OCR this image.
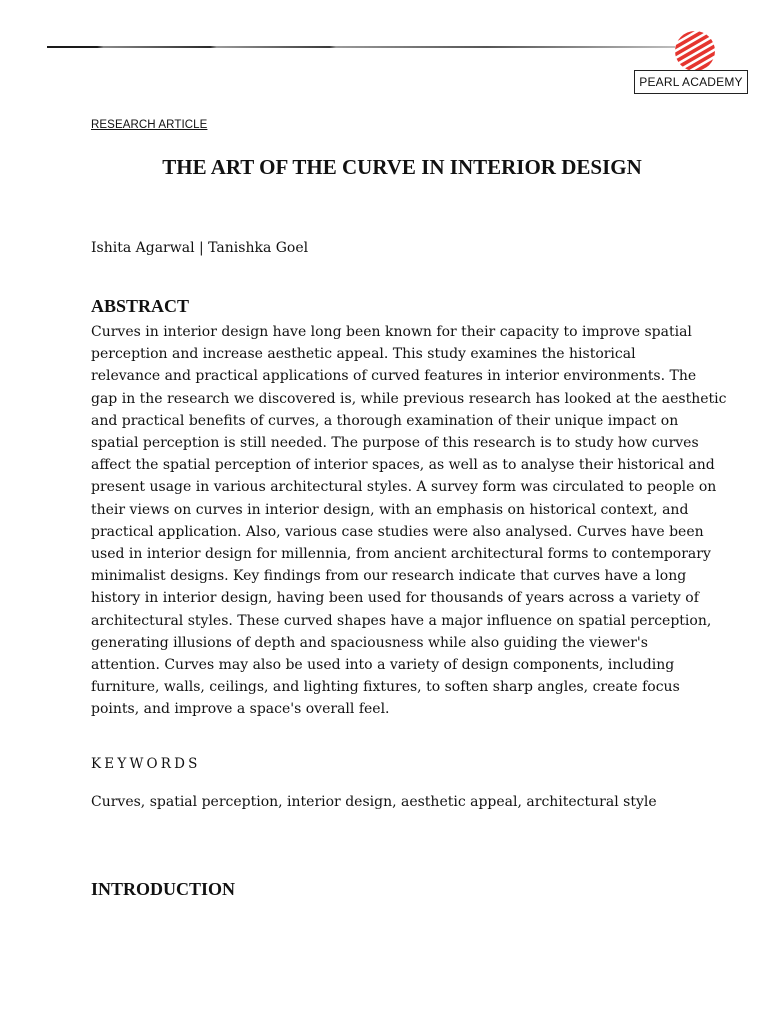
PEARL ACADEMY
RESEARCH ARTICLE
THE ART OF THE CURVE IN INTERIOR DESIGN
Ishita Agarwal | Tanishka Goel
ABSTRACT
Curves in interior design have long been known for their capacity to improve spatial
perception and increase aesthetic appeal. This study examines the historical
relevance and practical applications of curved features in interior environments. The
gap in the research we discovered is, while previous research has looked at the aesthetic
and practical benefits of curves, a thorough examination of their unique impact on
spatial perception is still needed. The purpose of this research is to study how curves
affect the spatial perception of interior spaces, as well as to analyse their historical and
present usage in various architectural styles. A survey form was circulated to people on
their views on curves in interior design, with an emphasis on historical context, and
practical application. Also, various case studies were also analysed. Curves have been
used in interior design for millennia, from ancient architectural forms to contemporary
minimalist designs. Key findings from our research indicate that curves have a long
history in interior design, having been used for thousands of years across a variety of
architectural styles. These curved shapes have a major influence on spatial perception,
generating illusions of depth and spaciousness while also guiding the viewer's
attention. Curves may also be used into a variety of design components, including
furniture, walls, ceilings, and lighting fixtures, to soften sharp angles, create focus
points, and improve a space's overall feel.
KEYWORDS
Curves, spatial perception, interior design, aesthetic appeal, architectural style
INTRODUCTION
